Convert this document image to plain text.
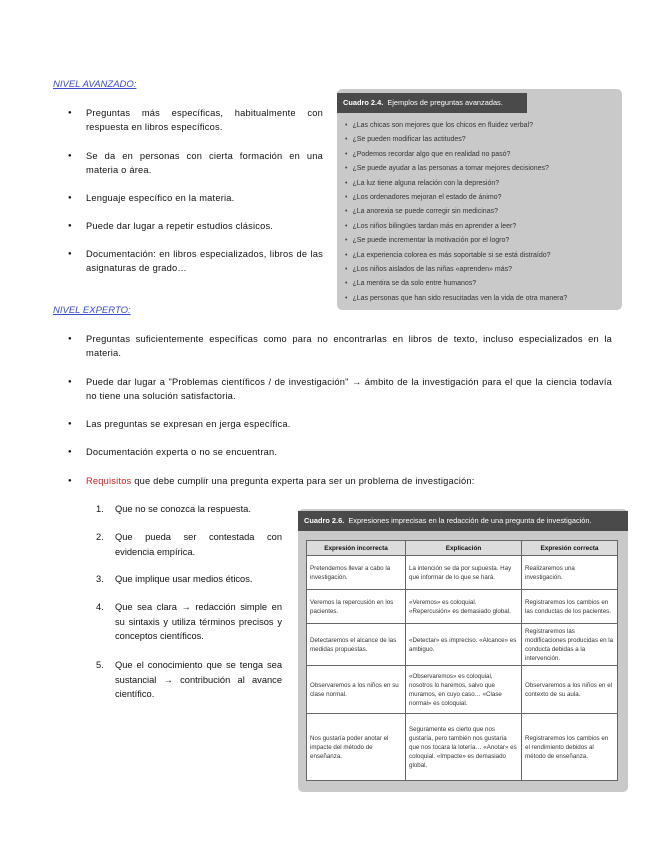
NIVEL AVANZADO:
● Preguntas más específicas, habitualmente con respuesta en libros específicos.
● Se da en personas con cierta formación en una materia o área.
● Lenguaje específico en la materia.
● Puede dar lugar a repetir estudios clásicos.
● Documentación: en libros especializados, libros de las asignaturas de grado…
Cuadro 2.4. Ejemplos de preguntas avanzadas.
• ¿Las chicas son mejores que los chicos en fluidez verbal?
• ¿Se pueden modificar las actitudes?
• ¿Podemos recordar algo que en realidad no pasó?
• ¿Se puede ayudar a las personas a tomar mejores decisiones?
• ¿La luz tiene alguna relación con la depresión?
• ¿Los ordenadores mejoran el estado de ánimo?
• ¿La anorexia se puede corregir sin medicinas?
• ¿Los niños bilingües tardan más en aprender a leer?
• ¿Se puede incrementar la motivación por el logro?
• ¿La experiencia colorea es más soportable si se está distraído?
• ¿Los niños aislados de las niñas «aprenden» más?
• ¿La mentira se da solo entre humanos?
• ¿Las personas que han sido resucitadas ven la vida de otra manera?
NIVEL EXPERTO:
● Preguntas suficientemente específicas como para no encontrarlas en libros de texto, incluso especializados en la materia.
● Puede dar lugar a "Problemas científicos / de investigación" → ámbito de la investigación para el que la ciencia todavía no tiene una solución satisfactoria.
● Las preguntas se expresan en jerga específica.
● Documentación experta o no se encuentran.
● Requisitos que debe cumplir una pregunta experta para ser un problema de investigación:
1. Que no se conozca la respuesta.
2. Que pueda ser contestada con evidencia empírica.
3. Que implique usar medios éticos.
4. Que sea clara → redacción simple en su sintaxis y utiliza términos precisos y conceptos científicos.
5. Que el conocimiento que se tenga sea sustancial → contribución al avance científico.
Cuadro 2.6. Expresiones imprecisas en la redacción de una pregunta de investigación.
Expresión incorrecta	Explicación	Expresión correcta
Pretendemos llevar a cabo la investigación.	La intención se da por supuesta. Hay que informar de lo que se hará.	Realizaremos una investigación.
Veremos la repercusión en los pacientes.	«Veremos» es coloquial. «Repercusión» es demasiado global.	Registraremos los cambios en las conductas de los pacientes.
Detectaremos el alcance de las medidas propuestas.	«Detectar» es impreciso. «Alcance» es ambiguo.	Registraremos las modificaciones producidas en la conducta debidas a la intervención.
Observaremos a los niños en su clase normal.	«Observaremos» es coloquial, nosotros lo haremos, salvo que muramos, en cuyo caso… «Clase normal» es coloquial.	Observaremos a los niños en el contexto de su aula.
Nos gustaría poder anotar el impacte del método de enseñanza.	Seguramente es cierto que nos gustaría, pero también nos gustaría que nos tocara la lotería… «Anotar» es coloquial. «Impacte» es demasiado global.	Registraremos los cambios en el rendimiento debidos al método de enseñanza.
